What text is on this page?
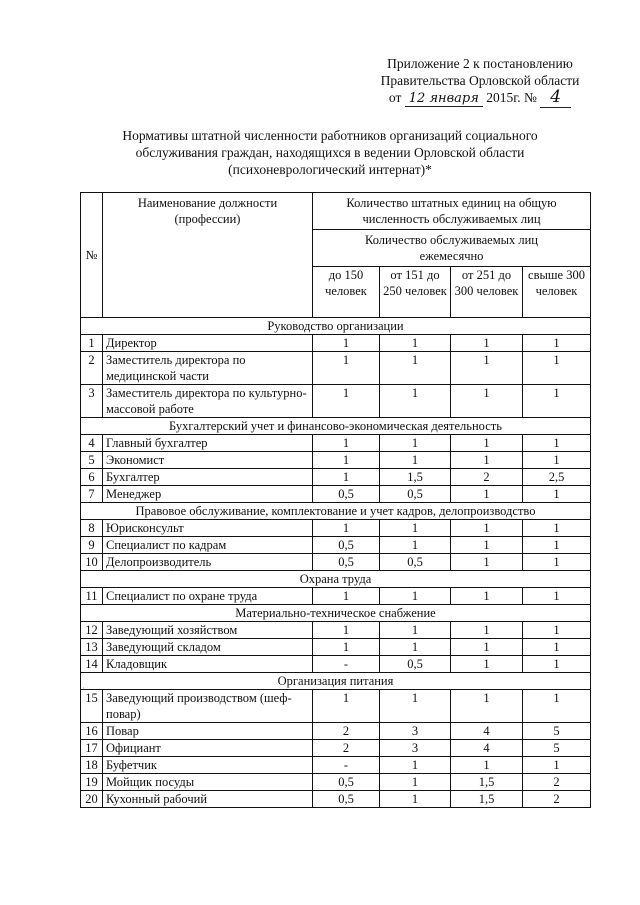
Приложение 2 к постановлению
Правительства Орловской области
от 12 января 2015г. № 4
Нормативы штатной численности работников организаций социального
обслуживания граждан, находящихся в ведении Орловской области
(психоневрологический интернат)*
№	Наименование должности (профессии)	Количество штатных единиц на общую численность обслуживаемых лиц			
		Количество обслуживаемых лиц ежемесячно			
		до 150 человек	от 151 до 250 человек	от 251 до 300 человек	свыше 300 человек
Руководство организации					
1	Директор	1	1	1	1
2	Заместитель директора по медицинской части	1	1	1	1
3	Заместитель директора по культурно-массовой работе	1	1	1	1
Бухгалтерский учет и финансово-экономическая деятельность					
4	Главный бухгалтер	1	1	1	1
5	Экономист	1	1	1	1
6	Бухгалтер	1	1,5	2	2,5
7	Менеджер	0,5	0,5	1	1
Правовое обслуживание, комплектование и учет кадров, делопроизводство					
8	Юрисконсульт	1	1	1	1
9	Специалист по кадрам	0,5	1	1	1
10	Делопроизводитель	0,5	0,5	1	1
Охрана труда					
11	Специалист по охране труда	1	1	1	1
Материально-техническое снабжение					
12	Заведующий хозяйством	1	1	1	1
13	Заведующий складом	1	1	1	1
14	Кладовщик	-	0,5	1	1
Организация питания					
15	Заведующий производством (шеф-повар)	1	1	1	1
16	Повар	2	3	4	5
17	Официант	2	3	4	5
18	Буфетчик	-	1	1	1
19	Мойщик посуды	0,5	1	1,5	2
20	Кухонный рабочий	0,5	1	1,5	2
·
